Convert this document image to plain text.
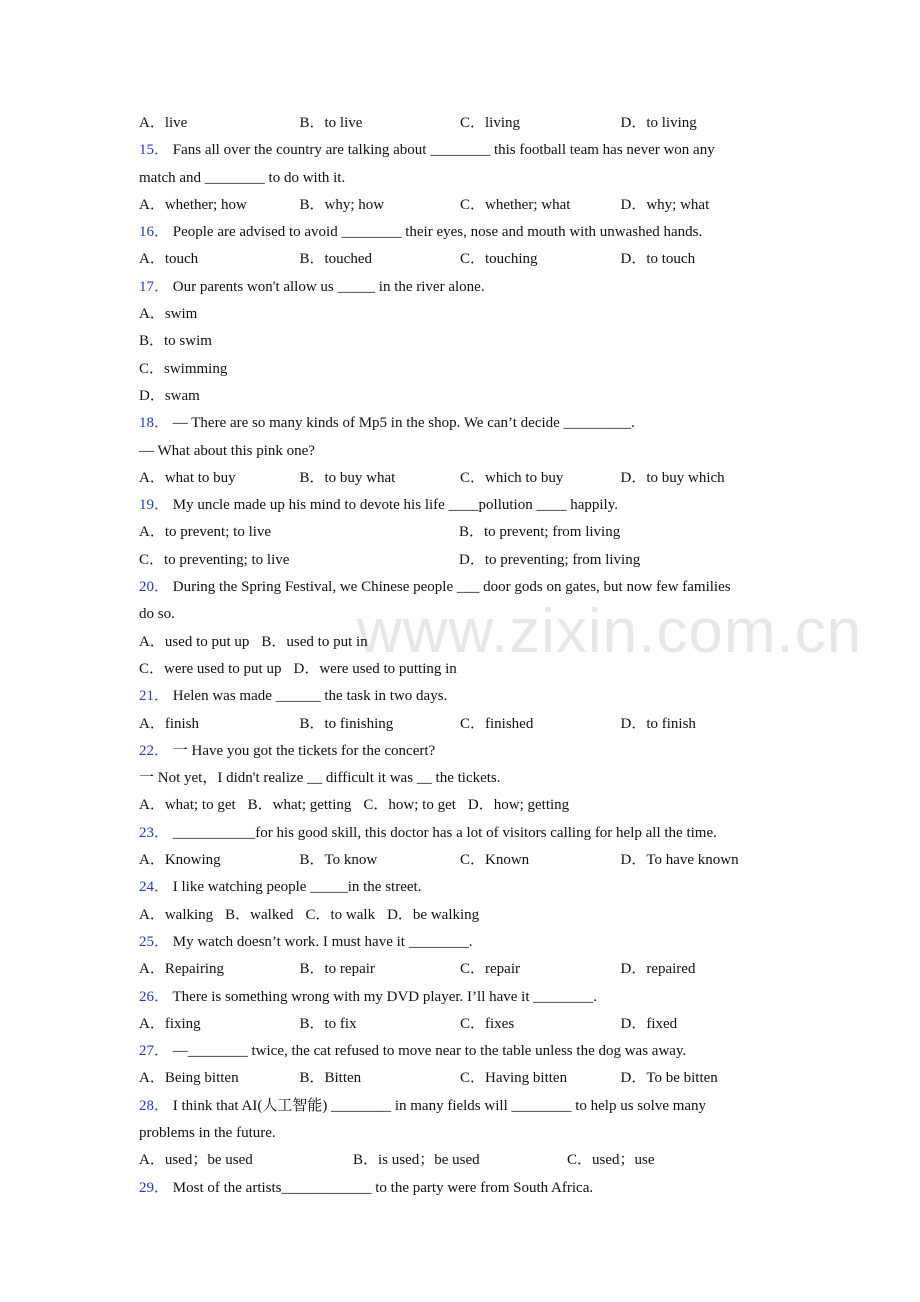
www.zixin.com.cn
A．live	B．to live	C．living	D．to living
15． Fans all over the country are talking about ________ this football team has never won any
match and ________ to do with it.
A．whether; how	B．why; how	C．whether; what	D．why; what
16． People are advised to avoid ________ their eyes, nose and mouth with unwashed hands.
A．touch	B．touched	C．touching	D．to touch
17． Our parents won't allow us _____ in the river alone.
A．swim
B．to swim
C．swimming
D．swam
18． — There are so many kinds of Mp5 in the shop. We can’t decide _________.
— What about this pink one?
A．what to buy	B．to buy what	C．which to buy	D．to buy which
19． My uncle made up his mind to devote his life ____pollution ____ happily.
A．to prevent; to live	B．to prevent; from living
C．to preventing; to live	D．to preventing; from living
20． During the Spring Festival, we Chinese people ___ door gods on gates, but now few families
do so.
A．used to put up B．used to put in
C．were used to put up D．were used to putting in
21． Helen was made ______ the task in two days.
A．finish	B．to finishing	C．finished	D．to finish
22． 一 Have you got the tickets for the concert?
一 Not yet，I didn't realize __ difficult it was __ the tickets.
A．what; to get B．what; getting C．how; to get D．how; getting
23． ___________for his good skill, this doctor has a lot of visitors calling for help all the time.
A．Knowing	B．To know	C．Known	D．To have known
24． I like watching people _____in the street.
A．walking B．walked C．to walk D．be walking
25． My watch doesn’t work. I must have it ________.
A．Repairing	B．to repair	C．repair	D．repaired
26． There is something wrong with my DVD player. I’ll have it ________.
A．fixing	B．to fix	C．fixes	D．fixed
27． —________ twice, the cat refused to move near to the table unless the dog was away.
A．Being bitten	B．Bitten	C．Having bitten	D．To be bitten
28． I think that AI(人工智能) ________ in many fields will ________ to help us solve many
problems in the future.
A．used；be used	B．is used；be used	C．used；use
29． Most of the artists____________ to the party were from South Africa.
